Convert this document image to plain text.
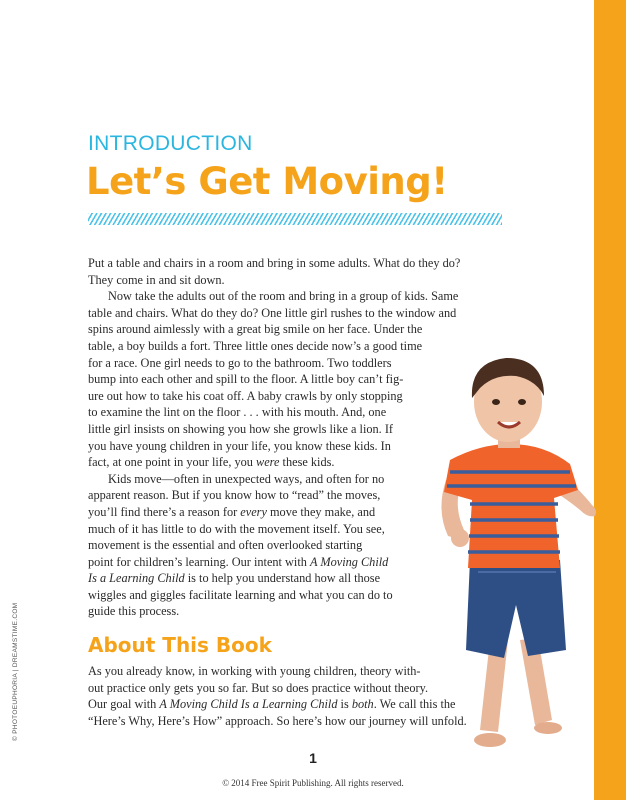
INTRODUCTION
Let’s Get Moving!

Put a table and chairs in a room and bring in some adults. What do they do?
They come in and sit down.
Now take the adults out of the room and bring in a group of kids. Same
table and chairs. What do they do? One little girl rushes to the window and
spins around aimlessly with a great big smile on her face. Under the
table, a boy builds a fort. Three little ones decide now’s a good time
for a race. One girl needs to go to the bathroom. Two toddlers
bump into each other and spill to the floor. A little boy can’t fig-
ure out how to take his coat off. A baby crawls by only stopping
to examine the lint on the floor . . . with his mouth. And, one
little girl insists on showing you how she growls like a lion. If
you have young children in your life, you know these kids. In
fact, at one point in your life, you were these kids.
Kids move—often in unexpected ways, and often for no
apparent reason. But if you know how to “read” the moves,
you’ll find there’s a reason for every move they make, and
much of it has little to do with the movement itself. You see,
movement is the essential and often overlooked starting
point for children’s learning. Our intent with A Moving Child
Is a Learning Child is to help you understand how all those
wiggles and giggles facilitate learning and what you can do to
guide this process.

About This Book

As you already know, in working with young children, theory with-
out practice only gets you so far. But so does practice without theory.
Our goal with A Moving Child Is a Learning Child is both. We call this the
“Here’s Why, Here’s How” approach. So here’s how our journey will unfold.

1
© 2014 Free Spirit Publishing. All rights reserved.
© PHOTOEUPHORIA | DREAMSTIME.COM
